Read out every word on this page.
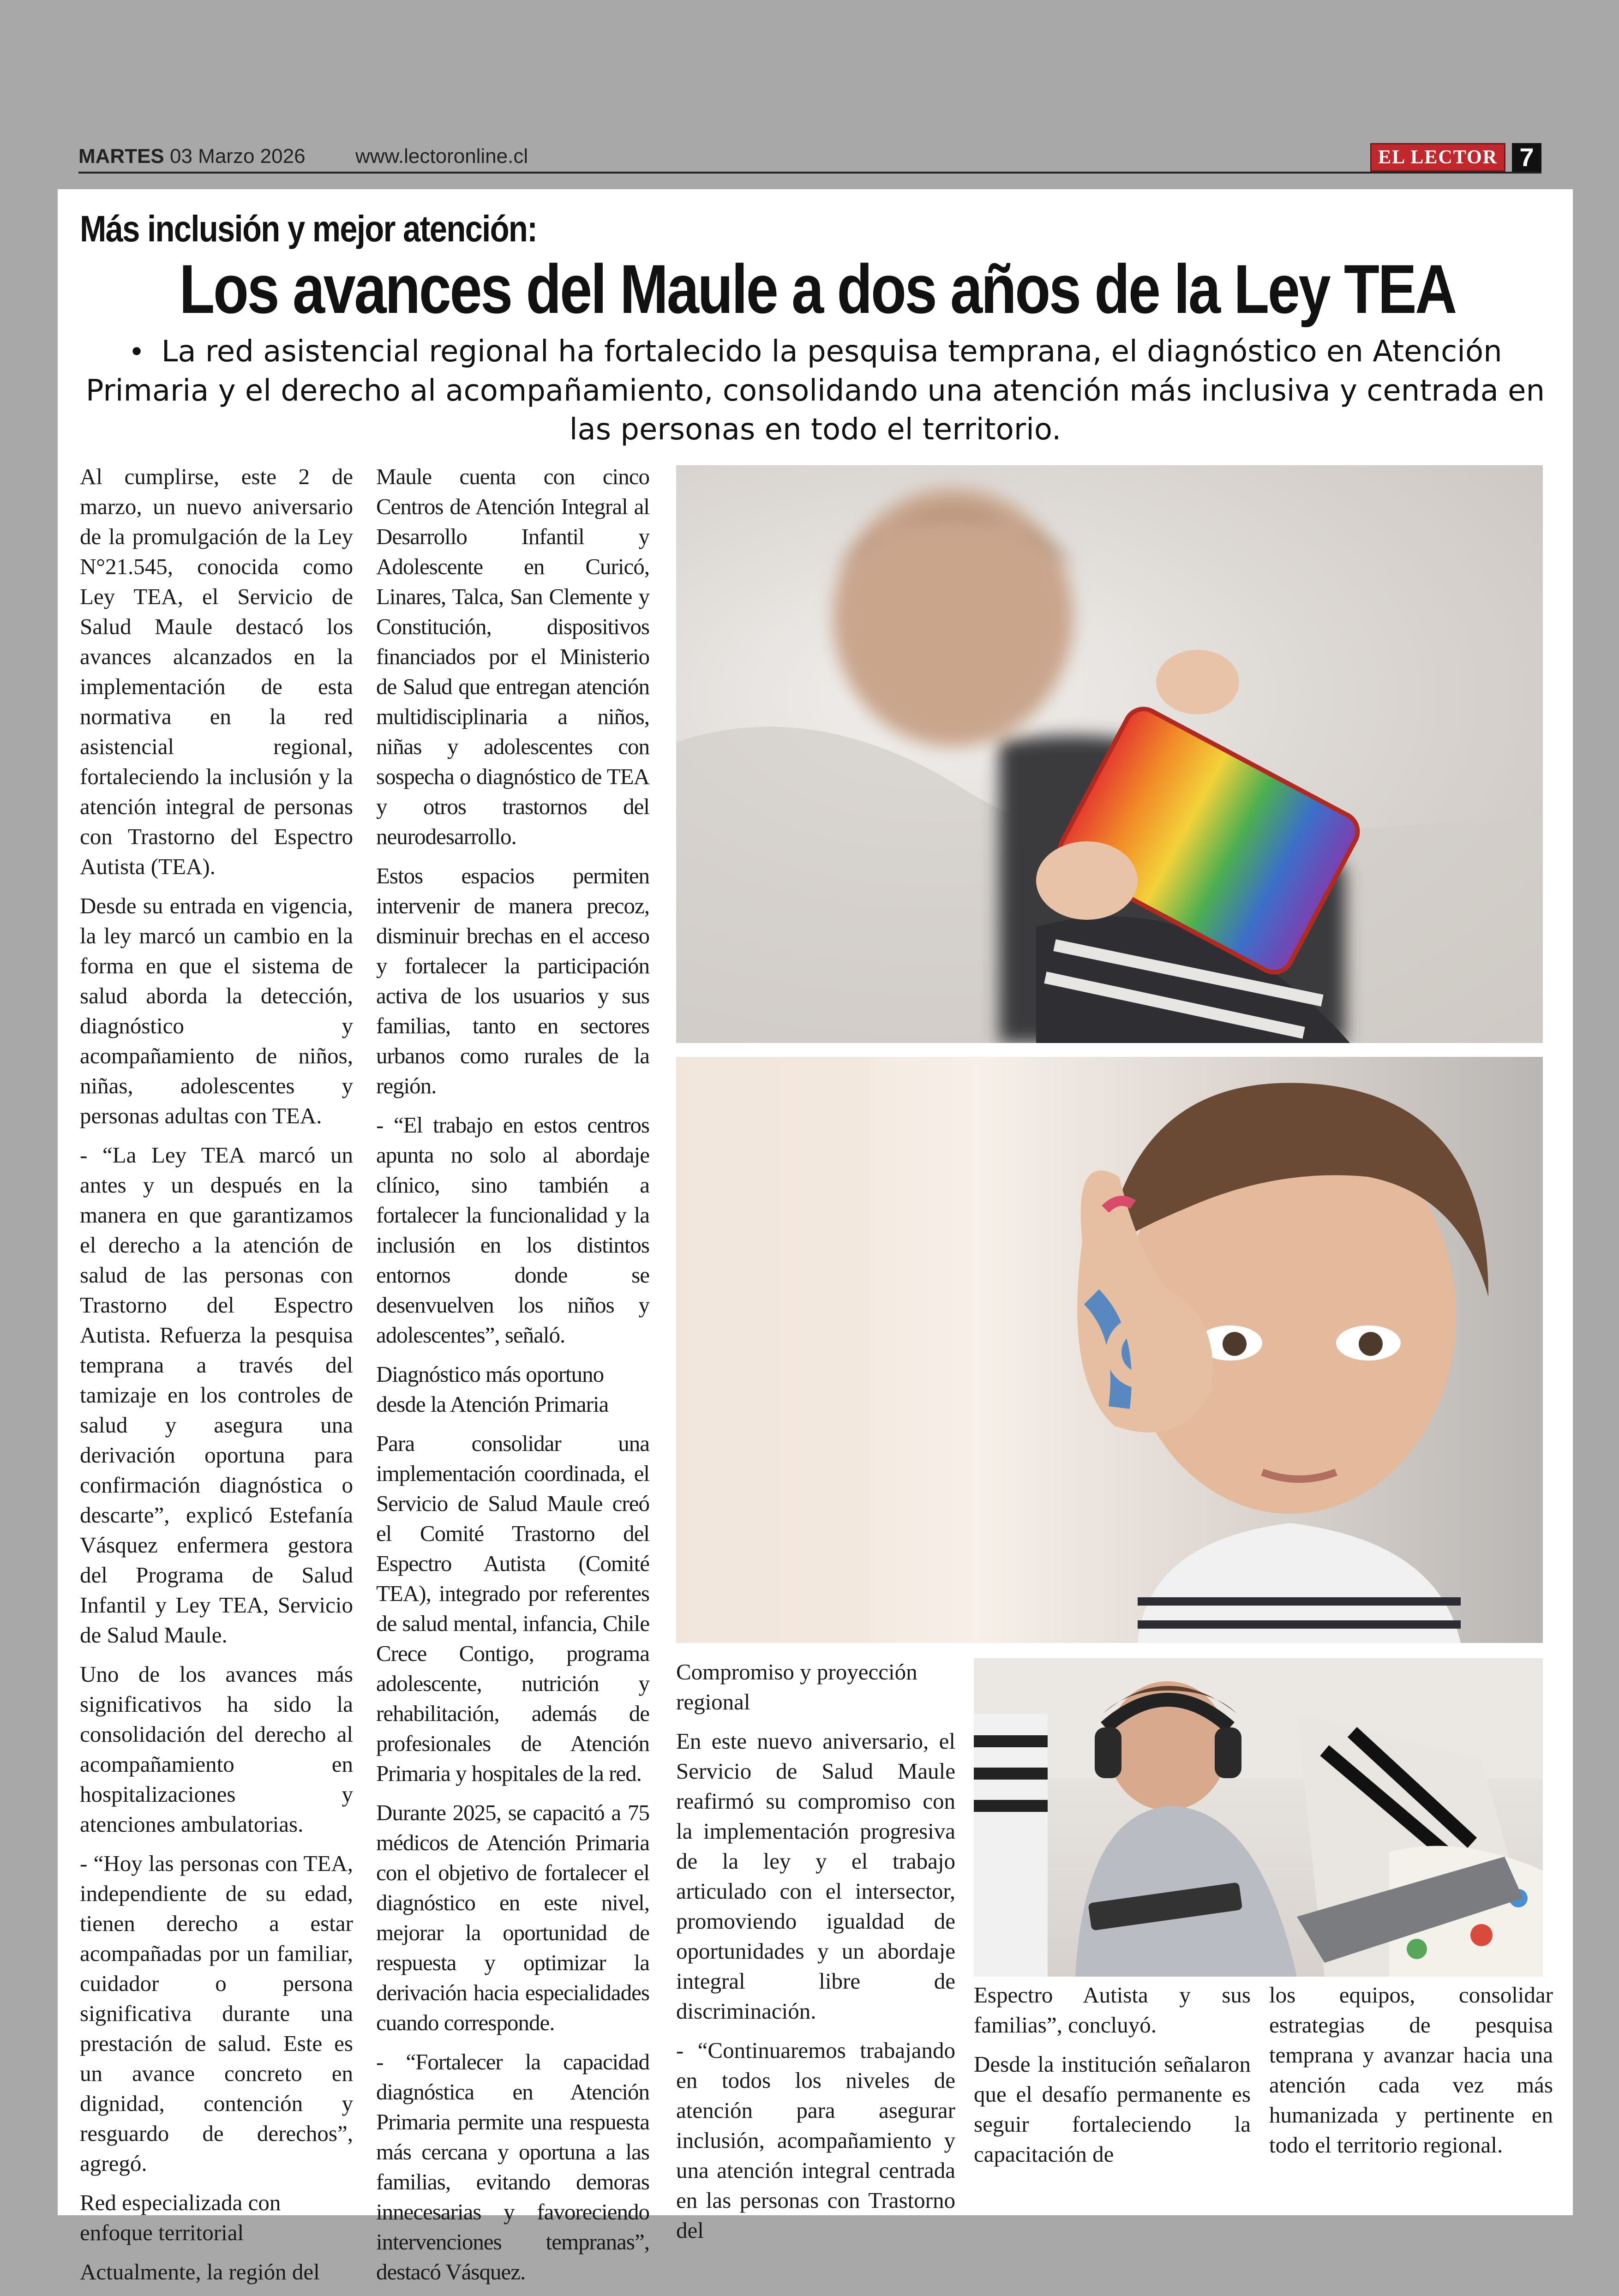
MARTES 03 Marzo 2026 www.lectoronline.cl	EL LECTOR 7
Más inclusión y mejor atención:
Los avances del Maule a dos años de la Ley TEA
• La red asistencial regional ha fortalecido la pesquisa temprana, el diagnóstico en Atención Primaria y el derecho al acompañamiento, consolidando una atención más inclusiva y centrada en las personas en todo el territorio.

Al cumplirse, este 2 de marzo, un nuevo aniversario de la promulgación de la Ley N°21.545, conocida como Ley TEA, el Servicio de Salud Maule destacó los avances alcanzados en la implementación de esta normativa en la red asistencial regional, fortaleciendo la inclusión y la atención integral de personas con Trastorno del Espectro Autista (TEA).

Desde su entrada en vigencia, la ley marcó un cambio en la forma en que el sistema de salud aborda la detección, diagnóstico y acompañamiento de niños, niñas, adolescentes y personas adultas con TEA.

- “La Ley TEA marcó un antes y un después en la manera en que garantizamos el derecho a la atención de salud de las personas con Trastorno del Espectro Autista. Refuerza la pesquisa temprana a través del tamizaje en los controles de salud y asegura una derivación oportuna para confirmación diagnóstica o descarte”, explicó Estefanía Vásquez enfermera gestora del Programa de Salud Infantil y Ley TEA, Servicio de Salud Maule.

Uno de los avances más significativos ha sido la consolidación del derecho al acompañamiento en hospitalizaciones y atenciones ambulatorias.

- “Hoy las personas con TEA, independiente de su edad, tienen derecho a estar acompañadas por un familiar, cuidador o persona significativa durante una prestación de salud. Este es un avance concreto en dignidad, contención y resguardo de derechos”, agregó.

Red especializada con enfoque territorial

Actualmente, la región del

Maule cuenta con cinco Centros de Atención Integral al Desarrollo Infantil y Adolescente en Curicó, Linares, Talca, San Clemente y Constitución, dispositivos financiados por el Ministerio de Salud que entregan atención multidisciplinaria a niños, niñas y adolescentes con sospecha o diagnóstico de TEA y otros trastornos del neurodesarrollo.

Estos espacios permiten intervenir de manera precoz, disminuir brechas en el acceso y fortalecer la participación activa de los usuarios y sus familias, tanto en sectores urbanos como rurales de la región.

- “El trabajo en estos centros apunta no solo al abordaje clínico, sino también a fortalecer la funcionalidad y la inclusión en los distintos entornos donde se desenvuelven los niños y adolescentes”, señaló.

Diagnóstico más oportuno desde la Atención Primaria

Para consolidar una implementación coordinada, el Servicio de Salud Maule creó el Comité Trastorno del Espectro Autista (Comité TEA), integrado por referentes de salud mental, infancia, Chile Crece Contigo, programa adolescente, nutrición y rehabilitación, además de profesionales de Atención Primaria y hospitales de la red.

Durante 2025, se capacitó a 75 médicos de Atención Primaria con el objetivo de fortalecer el diagnóstico en este nivel, mejorar la oportunidad de respuesta y optimizar la derivación hacia especialidades cuando corresponde.

- “Fortalecer la capacidad diagnóstica en Atención Primaria permite una respuesta más cercana y oportuna a las familias, evitando demoras innecesarias y favoreciendo intervenciones tempranas”, destacó Vásquez.

Compromiso y proyección regional

En este nuevo aniversario, el Servicio de Salud Maule reafirmó su compromiso con la implementación progresiva de la ley y el trabajo articulado con el intersector, promoviendo igualdad de oportunidades y un abordaje integral libre de discriminación.

- “Continuaremos trabajando en todos los niveles de atención para asegurar inclusión, acompañamiento y una atención integral centrada en las personas con Trastorno del

Espectro Autista y sus familias”, concluyó.

Desde la institución señalaron que el desafío permanente es seguir fortaleciendo la capacitación de

los equipos, consolidar estrategias de pesquisa temprana y avanzar hacia una atención cada vez más humanizada y pertinente en todo el territorio regional.
